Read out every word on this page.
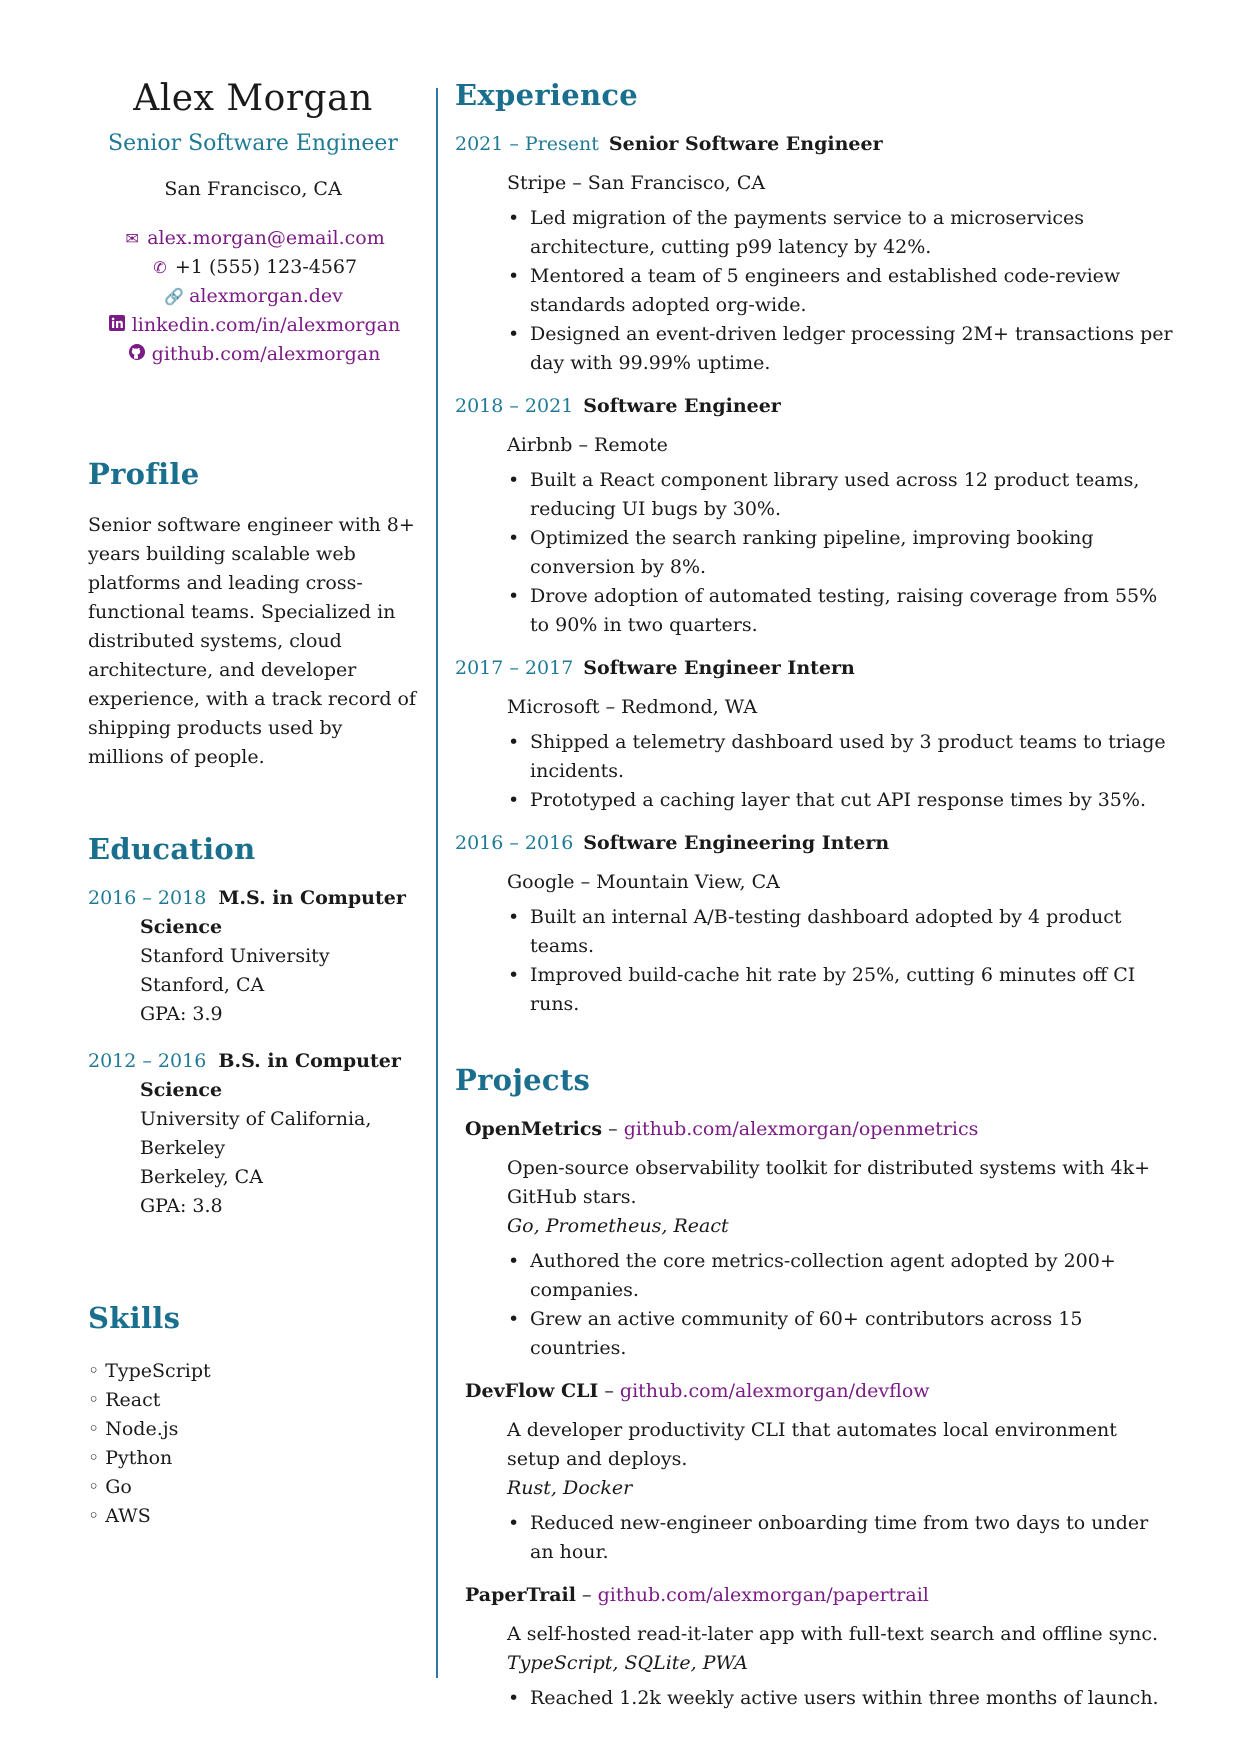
Alex Morgan
Senior Software Engineer
San Francisco, CA
✉ alex.morgan@email.com
✆ +1 (555) 123-4567
🔗 alexmorgan.dev
linkedin.com/in/alexmorgan
github.com/alexmorgan
Profile
Senior software engineer with 8+ years building scalable web platforms and leading cross-functional teams. Specialized in distributed systems, cloud architecture, and developer experience, with a track record of shipping products used by millions of people.
Education
2016 – 2018 M.S. in Computer
Science
Stanford University
Stanford, CA
GPA: 3.9
2012 – 2016 B.S. in Computer
Science
University of California, Berkeley
Berkeley, CA
GPA: 3.8
Skills
◦ TypeScript
◦ React
◦ Node.js
◦ Python
◦ Go
◦ AWS
Experience
2021 – Present Senior Software Engineer
Stripe – San Francisco, CA
• Led migration of the payments service to a microservices architecture, cutting p99 latency by 42%.
• Mentored a team of 5 engineers and established code-review standards adopted org-wide.
• Designed an event-driven ledger processing 2M+ transactions per day with 99.99% uptime.
2018 – 2021 Software Engineer
Airbnb – Remote
• Built a React component library used across 12 product teams, reducing UI bugs by 30%.
• Optimized the search ranking pipeline, improving booking conversion by 8%.
• Drove adoption of automated testing, raising coverage from 55% to 90% in two quarters.
2017 – 2017 Software Engineer Intern
Microsoft – Redmond, WA
• Shipped a telemetry dashboard used by 3 product teams to triage incidents.
• Prototyped a caching layer that cut API response times by 35%.
2016 – 2016 Software Engineering Intern
Google – Mountain View, CA
• Built an internal A/B-testing dashboard adopted by 4 product teams.
• Improved build-cache hit rate by 25%, cutting 6 minutes off CI runs.
Projects
OpenMetrics – github.com/alexmorgan/openmetrics
Open-source observability toolkit for distributed systems with 4k+ GitHub stars.
Go, Prometheus, React
• Authored the core metrics-collection agent adopted by 200+ companies.
• Grew an active community of 60+ contributors across 15 countries.
DevFlow CLI – github.com/alexmorgan/devflow
A developer productivity CLI that automates local environment setup and deploys.
Rust, Docker
• Reduced new-engineer onboarding time from two days to under an hour.
PaperTrail – github.com/alexmorgan/papertrail
A self-hosted read-it-later app with full-text search and offline sync.
TypeScript, SQLite, PWA
• Reached 1.2k weekly active users within three months of launch.
